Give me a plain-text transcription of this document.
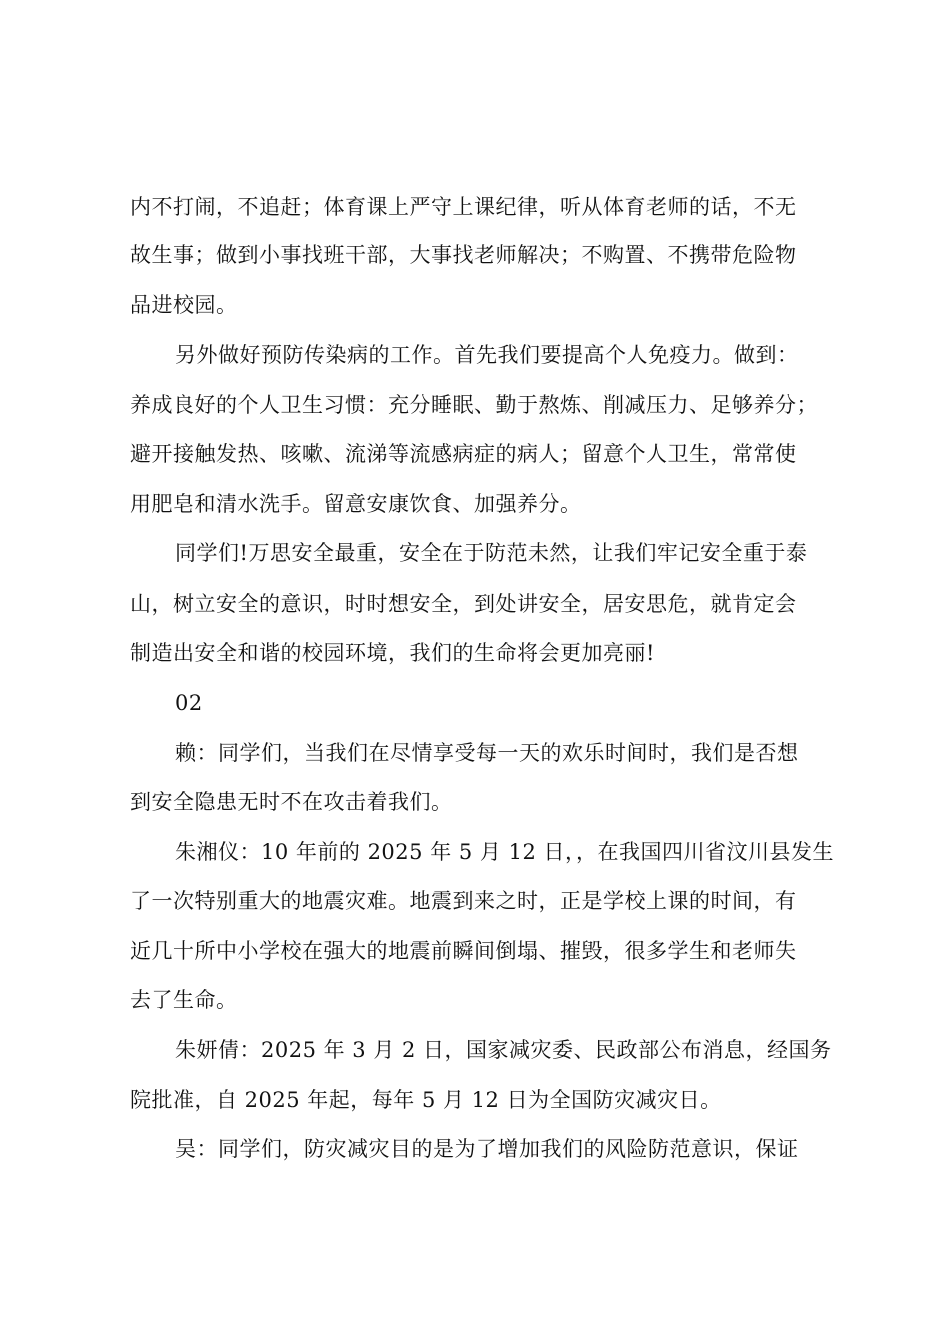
内不打闹，不追赶；体育课上严守上课纪律，听从体育老师的话，不无
故生事；做到小事找班干部，大事找老师解决；不购置、不携带危险物
品进校园。
另外做好预防传染病的工作。首先我们要提高个人免疫力。做到：
养成良好的个人卫生习惯：充分睡眠、勤于熬炼、削减压力、足够养分；
避开接触发热、咳嗽、流涕等流感病症的病人；留意个人卫生，常常使
用肥皂和清水洗手。留意安康饮食、加强养分。
同学们!万思安全最重，安全在于防范未然，让我们牢记安全重于泰
山，树立安全的意识，时时想安全，到处讲安全，居安思危，就肯定会
制造出安全和谐的校园环境，我们的生命将会更加亮丽!
02
赖：同学们，当我们在尽情享受每一天的欢乐时间时，我们是否想
到安全隐患无时不在攻击着我们。
朱湘仪：10 年前的 2025 年 5 月 12 日，，在我国四川省汶川县发生
了一次特别重大的地震灾难。地震到来之时，正是学校上课的时间，有
近几十所中小学校在强大的地震前瞬间倒塌、摧毁，很多学生和老师失
去了生命。
朱妍倩：2025 年 3 月 2 日，国家减灾委、民政部公布消息，经国务
院批准，自 2025 年起，每年 5 月 12 日为全国防灾减灾日。
吴：同学们，防灾减灾目的是为了增加我们的风险防范意识，保证
